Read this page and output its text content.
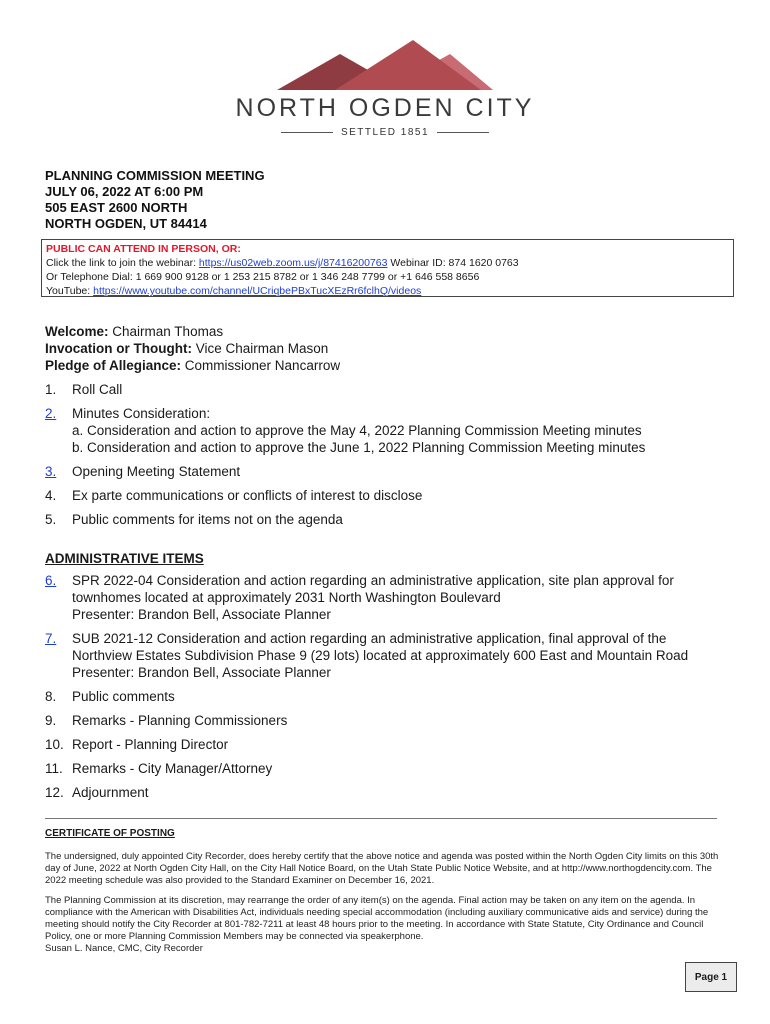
NORTH OGDEN CITY
SETTLED 1851
PLANNING COMMISSION MEETING
JULY 06, 2022 AT 6:00 PM
505 EAST 2600 NORTH
NORTH OGDEN, UT 84414
PUBLIC CAN ATTEND IN PERSON, OR:
Click the link to join the webinar: https://us02web.zoom.us/j/87416200763 Webinar ID: 874 1620 0763
Or Telephone Dial: 1 669 900 9128 or 1 253 215 8782 or 1 346 248 7799 or +1 646 558 8656
YouTube: https://www.youtube.com/channel/UCriqbePBxTucXEzRr6fclhQ/videos
Welcome: Chairman Thomas
Invocation or Thought: Vice Chairman Mason
Pledge of Allegiance: Commissioner Nancarrow
1.	Roll Call
2.	Minutes Consideration:
a. Consideration and action to approve the May 4, 2022 Planning Commission Meeting minutes
b. Consideration and action to approve the June 1, 2022 Planning Commission Meeting minutes
3.	Opening Meeting Statement
4.	Ex parte communications or conflicts of interest to disclose
5.	Public comments for items not on the agenda
ADMINISTRATIVE ITEMS
6.	SPR 2022-04 Consideration and action regarding an administrative application, site plan approval for
townhomes located at approximately 2031 North Washington Boulevard
Presenter: Brandon Bell, Associate Planner
7.	SUB 2021-12 Consideration and action regarding an administrative application, final approval of the
Northview Estates Subdivision Phase 9 (29 lots) located at approximately 600 East and Mountain Road
Presenter: Brandon Bell, Associate Planner
8.	Public comments
9.	Remarks - Planning Commissioners
10. Report - Planning Director
11. Remarks - City Manager/Attorney
12. Adjournment
CERTIFICATE OF POSTING
The undersigned, duly appointed City Recorder, does hereby certify that the above notice and agenda was posted within the North Ogden City limits on this 30th day of June, 2022 at North Ogden City Hall, on the City Hall Notice Board, on the Utah State Public Notice Website, and at http://www.northogdencity.com. The 2022 meeting schedule was also provided to the Standard Examiner on December 16, 2021.
The Planning Commission at its discretion, may rearrange the order of any item(s) on the agenda. Final action may be taken on any item on the agenda. In compliance with the American with Disabilities Act, individuals needing special accommodation (including auxiliary communicative aids and service) during the meeting should notify the City Recorder at 801-782-7211 at least 48 hours prior to the meeting. In accordance with State Statute, City Ordinance and Council Policy, one or more Planning Commission Members may be connected via speakerphone.
Susan L. Nance, CMC, City Recorder
Page 1
